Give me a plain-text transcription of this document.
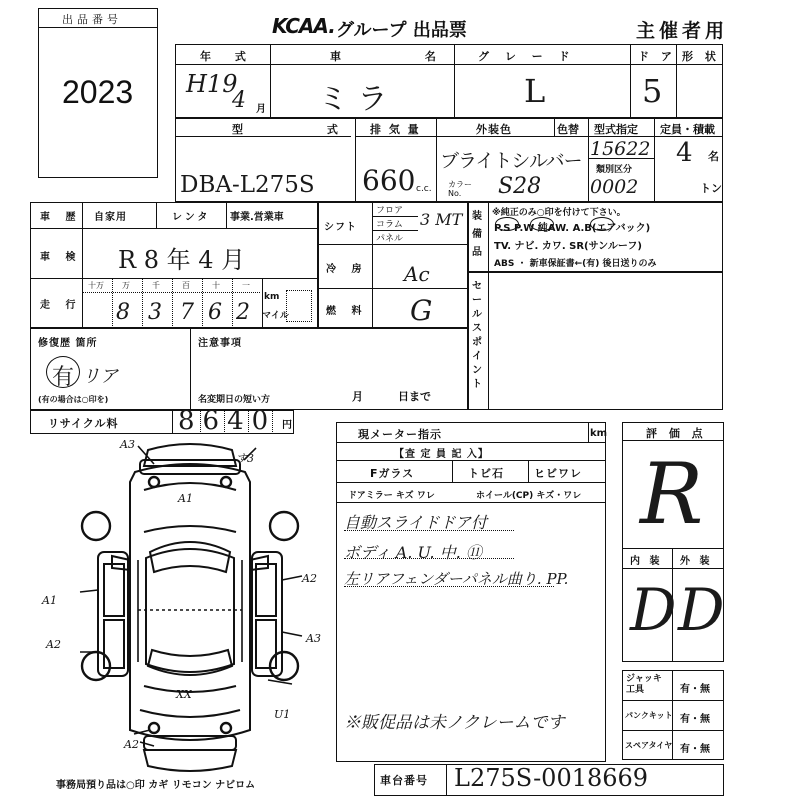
出品番号
2023
KCAA. グループ 出品票	主催者用
年 式
H19
4 月
車 名
ミ ラ
グ レ ー ド
L
ド ア
5
形 状
型 式
DBA-L275S
排 気 量
660 c.c.
外装色	色替
ブライトシルバー
カラーNo.	S28
型式指定
15622
類別区分
0002
定員・積載
4 名
トン
車 歴 自家用	レンタ 事業.営業車
車 検 R 8 年 4 月
走 行
十万 万	千	百	十	一
8 3 7 6 2
km
マイル
シフト
フロア
コラム
パネル
3 MT
冷 房 Ac
燃 料 G
装備品
※純正のみ○印を付けて下さい。
P.S P.W 純AW. A.B(エアバック)
TV. ナビ. カワ. SR(サンルーフ)
ABS ・ 新車保証書←(有) 後日送りのみ
セールスポイント
修復歴 箇所
有 リア
(有の場合は○印を)
注意事項
名変期日の短い方	月	日まで
リサイクル料 8640 円
現メーター指示	km
【査 定 員 記 入】
Fガラス	トビ石	ヒビワレ
ドアミラー キズ ワレ	ホイール(CP) キズ・ワレ
自動スライドドア付
ボディ A. U. 中. ⑪
左リアフェンダーパネル曲り. PP.
※販促品は未ノクレームです
評 価 点
R
内 装 外 装
D D
ジャッキ工具	有・無
パンクキット 有・無
スペアタイヤ 有・無
車台番号 L275S-0018669
事務局預り品は○印 カギ リモコン ナビロム
A3
す3
A1
A1
A2
A3
A2
U1
A2
XX
